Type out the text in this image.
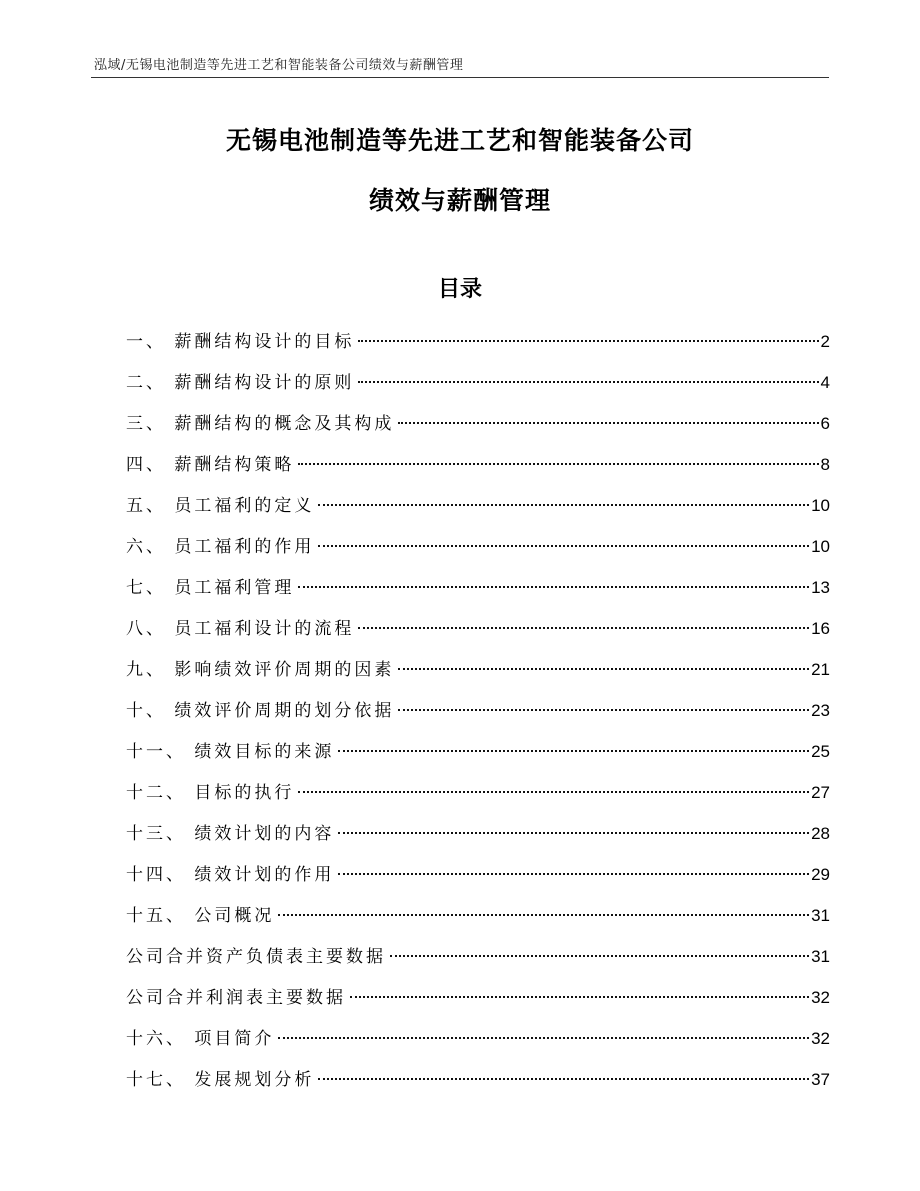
泓域/无锡电池制造等先进工艺和智能装备公司绩效与薪酬管理
无锡电池制造等先进工艺和智能装备公司
绩效与薪酬管理
目录
一、 薪酬结构设计的目标	2
二、 薪酬结构设计的原则	4
三、 薪酬结构的概念及其构成	6
四、 薪酬结构策略	8
五、 员工福利的定义	10
六、 员工福利的作用	10
七、 员工福利管理	13
八、 员工福利设计的流程	16
九、 影响绩效评价周期的因素	21
十、 绩效评价周期的划分依据	23
十一、 绩效目标的来源	25
十二、 目标的执行	27
十三、 绩效计划的内容	28
十四、 绩效计划的作用	29
十五、 公司概况	31
公司合并资产负债表主要数据	31
公司合并利润表主要数据	32
十六、 项目简介	32
十七、 发展规划分析	37
